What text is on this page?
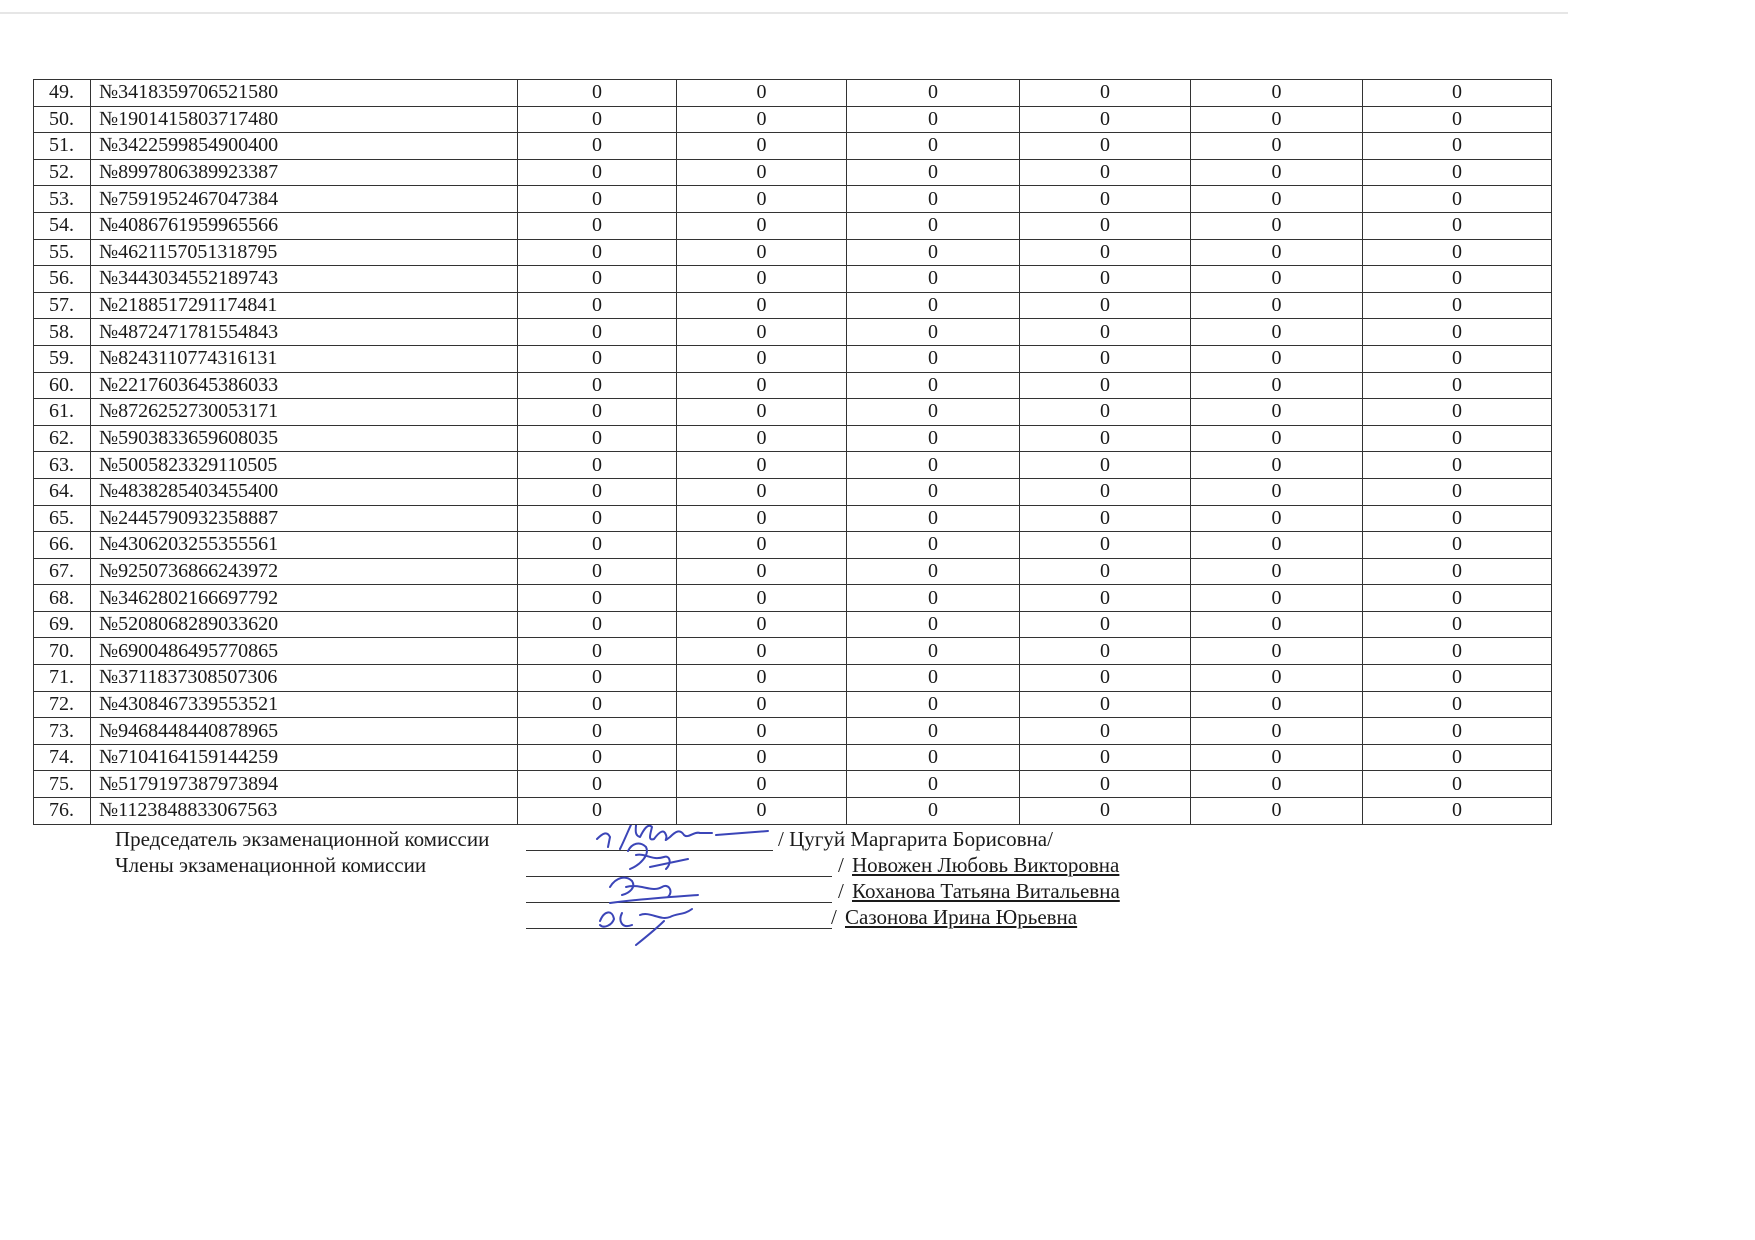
49.	№3418359706521580	0	0	0	0	0	0
50.	№1901415803717480	0	0	0	0	0	0
51.	№3422599854900400	0	0	0	0	0	0
52.	№8997806389923387	0	0	0	0	0	0
53.	№7591952467047384	0	0	0	0	0	0
54.	№4086761959965566	0	0	0	0	0	0
55.	№4621157051318795	0	0	0	0	0	0
56.	№3443034552189743	0	0	0	0	0	0
57.	№2188517291174841	0	0	0	0	0	0
58.	№4872471781554843	0	0	0	0	0	0
59.	№8243110774316131	0	0	0	0	0	0
60.	№2217603645386033	0	0	0	0	0	0
61.	№8726252730053171	0	0	0	0	0	0
62.	№5903833659608035	0	0	0	0	0	0
63.	№5005823329110505	0	0	0	0	0	0
64.	№4838285403455400	0	0	0	0	0	0
65.	№2445790932358887	0	0	0	0	0	0
66.	№4306203255355561	0	0	0	0	0	0
67.	№9250736866243972	0	0	0	0	0	0
68.	№3462802166697792	0	0	0	0	0	0
69.	№5208068289033620	0	0	0	0	0	0
70.	№6900486495770865	0	0	0	0	0	0
71.	№3711837308507306	0	0	0	0	0	0
72.	№4308467339553521	0	0	0	0	0	0
73.	№9468448440878965	0	0	0	0	0	0
74.	№7104164159144259	0	0	0	0	0	0
75.	№5179197387973894	0	0	0	0	0	0
76.	№1123848833067563	0	0	0	0	0	0
Председатель экзаменационной комиссии	/ Цугуй Маргарита Борисовна/
Члены экзаменационной комиссии	/ Новожен Любовь Викторовна
/ Коханова Татьяна Витальевна
/ Сазонова Ирина Юрьевна
